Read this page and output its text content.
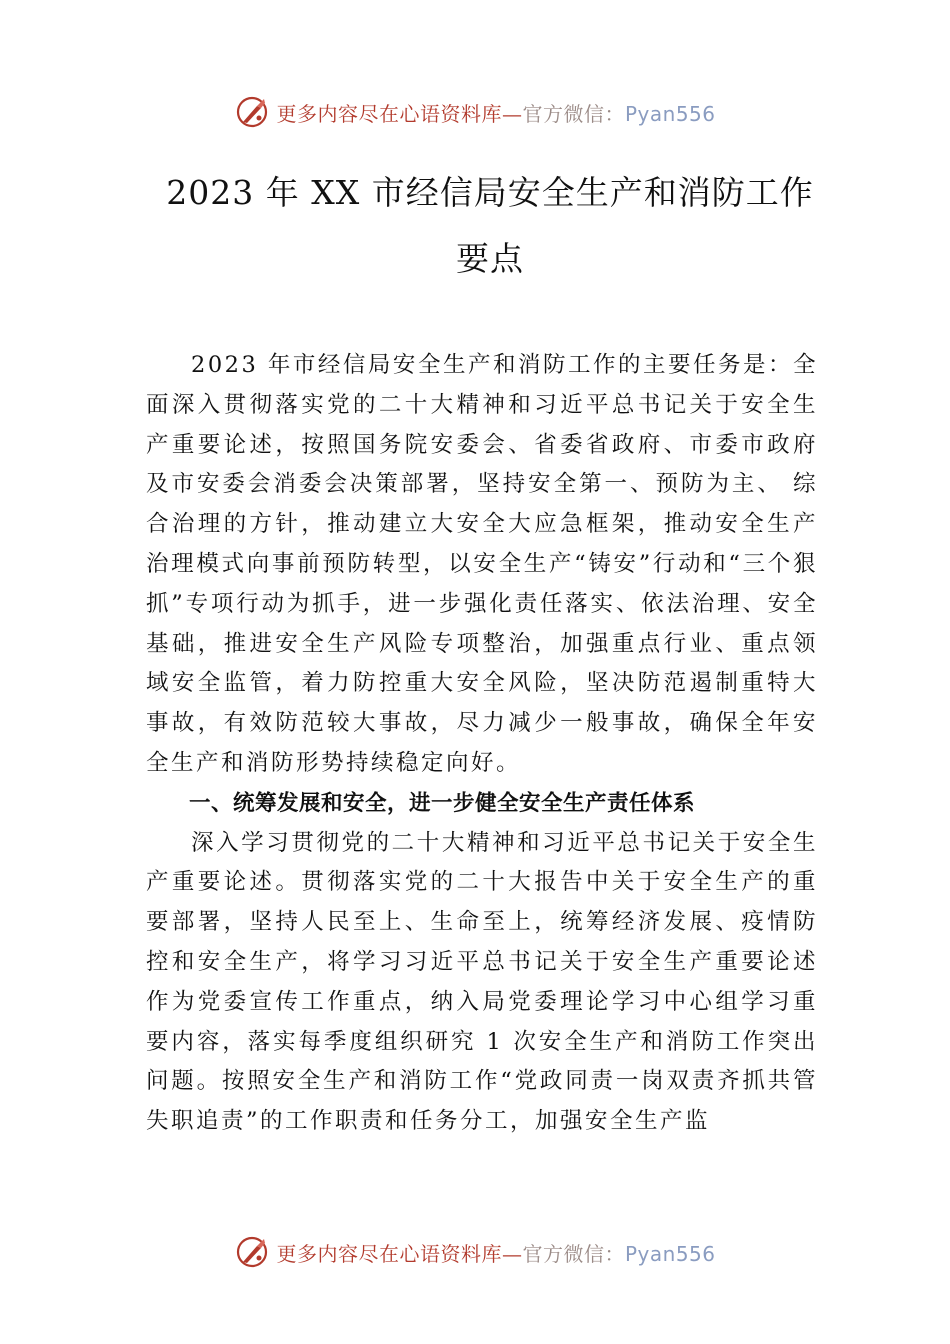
更多内容尽在心语资料库—官方微信：Pyan556
2023 年 XX 市经信局安全生产和消防工作要点

2023 年市经信局安全生产和消防工作的主要任务是：全面深入贯彻落实党的二十大精神和习近平总书记关于安全生产重要论述，按照国务院安委会、省委省政府、市委市政府及市安委会消委会决策部署，坚持安全第一、预防为主、 综合治理的方针，推动建立大安全大应急框架，推动安全生产治理模式向事前预防转型，以安全生产“铸安”行动和“三个狠抓”专项行动为抓手，进一步强化责任落实、依法治理、安全基础，推进安全生产风险专项整治，加强重点行业、重点领域安全监管，着力防控重大安全风险，坚决防范遏制重特大事故，有效防范较大事故，尽力减少一般事故，确保全年安全生产和消防形势持续稳定向好。

一、统筹发展和安全，进一步健全安全生产责任体系

深入学习贯彻党的二十大精神和习近平总书记关于安全生产重要论述。贯彻落实党的二十大报告中关于安全生产的重要部署，坚持人民至上、生命至上，统筹经济发展、疫情防控和安全生产，将学习习近平总书记关于安全生产重要论述作为党委宣传工作重点，纳入局党委理论学习中心组学习重要内容，落实每季度组织研究 1 次安全生产和消防工作突出问题。按照安全生产和消防工作“党政同责一岗双责齐抓共管失职追责”的工作职责和任务分工，加强安全生产监

更多内容尽在心语资料库—官方微信：Pyan556
